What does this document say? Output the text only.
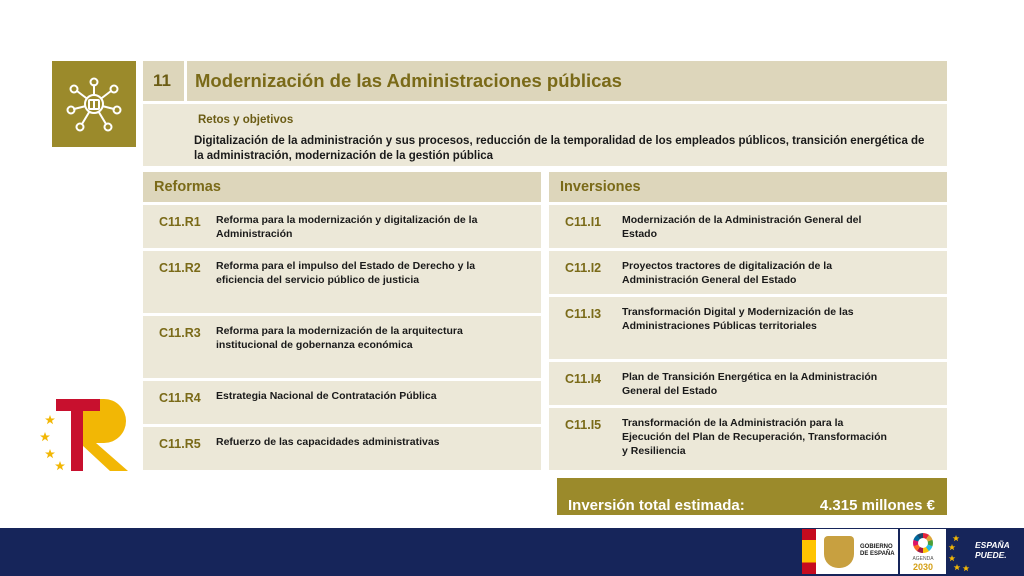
11	Modernización de las Administraciones públicas
Retos y objetivos
Digitalización de la administración y sus procesos, reducción de la temporalidad de los empleados públicos, transición energética de la administración, modernización de la gestión pública
Reformas
C11.R1 Reforma para la modernización y digitalización de la Administración
C11.R2 Reforma para el impulso del Estado de Derecho y la eficiencia del servicio público de justicia
C11.R3 Reforma para la modernización de la arquitectura institucional de gobernanza económica
C11.R4 Estrategia Nacional de Contratación Pública
C11.R5 Refuerzo de las capacidades administrativas
Inversiones
C11.I1 Modernización de la Administración General del Estado
C11.I2 Proyectos tractores de digitalización de la Administración General del Estado
C11.I3 Transformación Digital y Modernización de las Administraciones Públicas territoriales
C11.I4 Plan de Transición Energética en la Administración General del Estado
C11.I5 Transformación de la Administración para la Ejecución del Plan de Recuperación, Transformación y Resiliencia
Inversión total estimada:	4.315 millones €
GOBIERNO
DE ESPAÑA
AGENDA
2030
ESPAÑA
PUEDE.
